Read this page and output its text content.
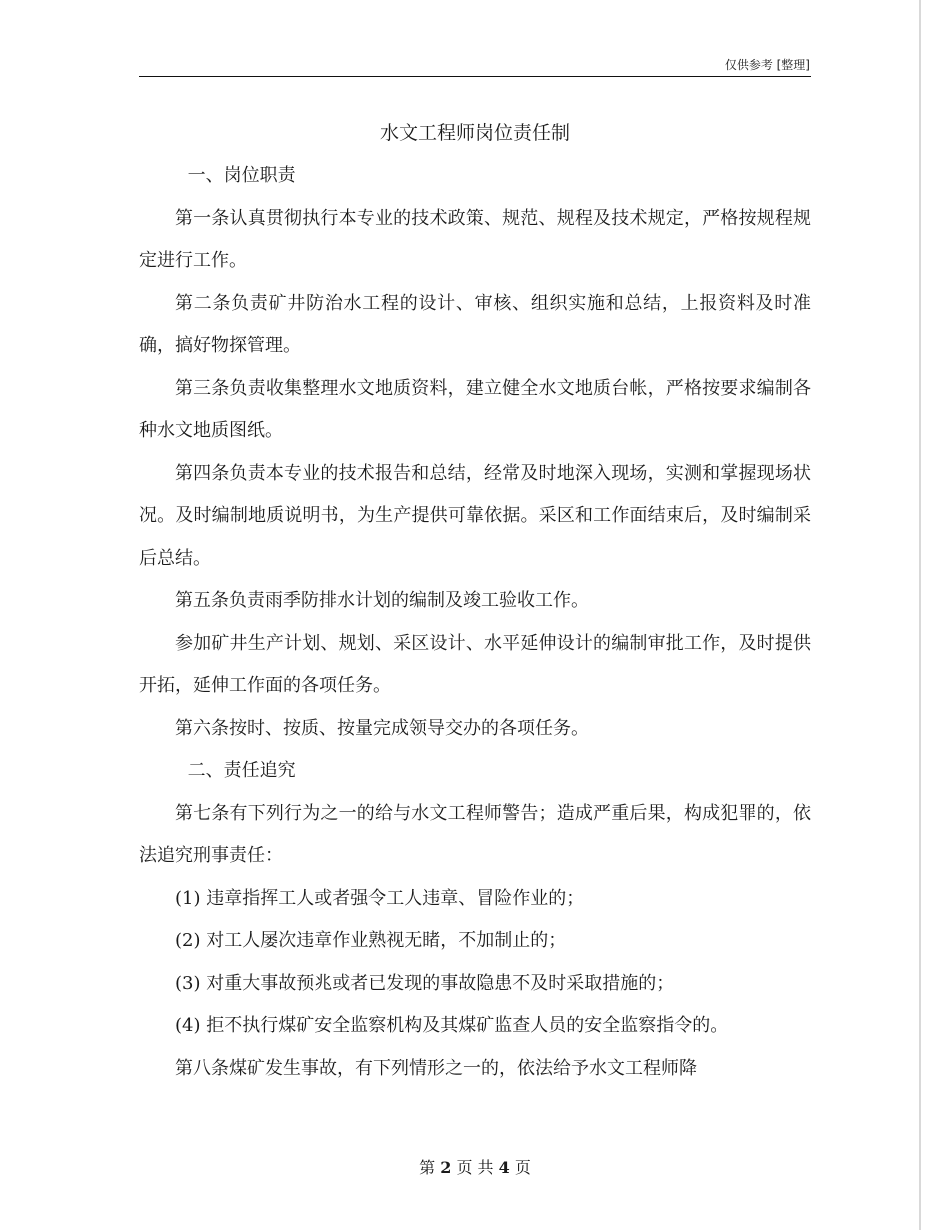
仅供参考 [整理]
水文工程师岗位责任制

一、岗位职责

第一条认真贯彻执行本专业的技术政策、规范、规程及技术规定，严格按规程规定进行工作。

第二条负责矿井防治水工程的设计、审核、组织实施和总结，上报资料及时准确，搞好物探管理。

第三条负责收集整理水文地质资料，建立健全水文地质台帐，严格按要求编制各种水文地质图纸。

第四条负责本专业的技术报告和总结，经常及时地深入现场，实测和掌握现场状况。及时编制地质说明书，为生产提供可靠依据。采区和工作面结束后，及时编制采后总结。

第五条负责雨季防排水计划的编制及竣工验收工作。

参加矿井生产计划、规划、采区设计、水平延伸设计的编制审批工作，及时提供开拓，延伸工作面的各项任务。

第六条按时、按质、按量完成领导交办的各项任务。

二、责任追究

第七条有下列行为之一的给与水文工程师警告；造成严重后果，构成犯罪的，依法追究刑事责任：

(1) 违章指挥工人或者强令工人违章、冒险作业的；

(2) 对工人屡次违章作业熟视无睹，不加制止的；

(3) 对重大事故预兆或者已发现的事故隐患不及时采取措施的；

(4) 拒不执行煤矿安全监察机构及其煤矿监查人员的安全监察指令的。

第八条煤矿发生事故，有下列情形之一的，依法给予水文工程师降

第 2 页 共 4 页
